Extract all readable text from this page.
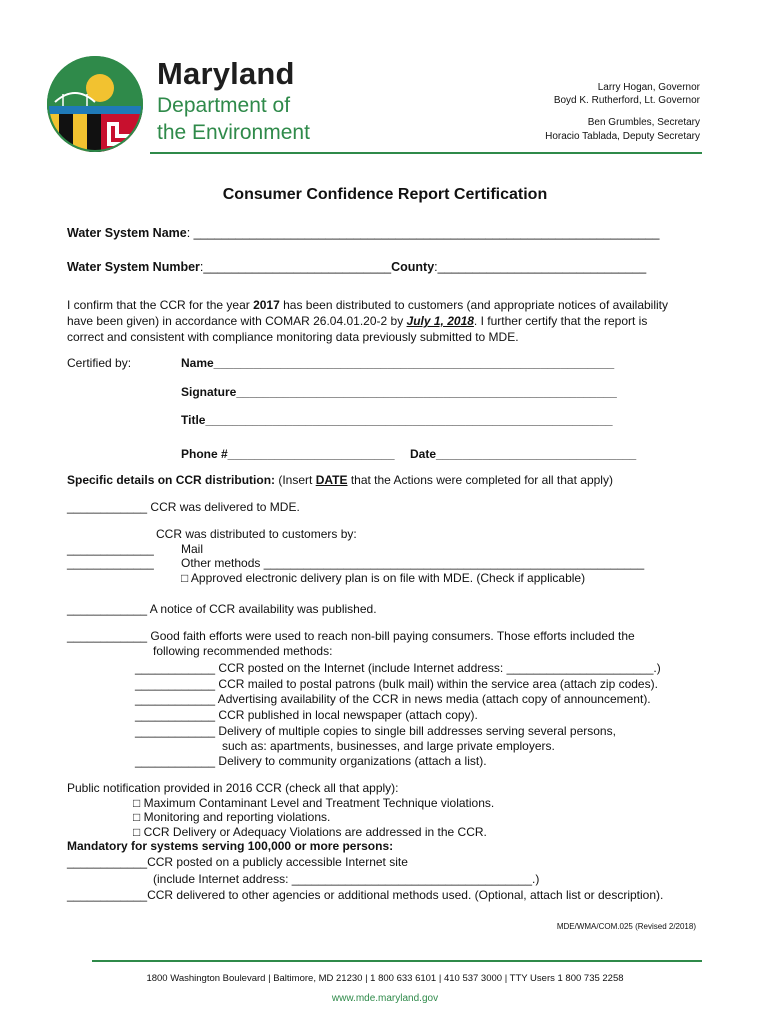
Maryland
Department of
the Environment
Larry Hogan, Governor
Boyd K. Rutherford, Lt. Governor
Ben Grumbles, Secretary
Horacio Tablada, Deputy Secretary
Consumer Confidence Report Certification
Water System Name: ___________________________________________________________________
Water System Number:___________________________County:______________________________
I confirm that the CCR for the year 2017 has been distributed to customers (and appropriate notices of availability
have been given) in accordance with COMAR 26.04.01.20-2 by July 1, 2018. I further certify that the report is
correct and consistent with compliance monitoring data previously submitted to MDE.
Certified by:	Name____________________________________________________________
Signature_________________________________________________________
Title_____________________________________________________________
Phone #_________________________ Date______________________________
Specific details on CCR distribution: (Insert DATE that the Actions were completed for all that apply)
____________ CCR was delivered to MDE.
CCR was distributed to customers by:
_____________ Mail
_____________ Other methods _________________________________________________________
□ Approved electronic delivery plan is on file with MDE. (Check if applicable)
____________ A notice of CCR availability was published.
____________ Good faith efforts were used to reach non-bill paying consumers. Those efforts included the
following recommended methods:
____________ CCR posted on the Internet (include Internet address: ______________________.)
____________ CCR mailed to postal patrons (bulk mail) within the service area (attach zip codes).
____________ Advertising availability of the CCR in news media (attach copy of announcement).
____________ CCR published in local newspaper (attach copy).
____________ Delivery of multiple copies to single bill addresses serving several persons,
such as: apartments, businesses, and large private employers.
____________ Delivery to community organizations (attach a list).
Public notification provided in 2016 CCR (check all that apply):
□ Maximum Contaminant Level and Treatment Technique violations.
□ Monitoring and reporting violations.
□ CCR Delivery or Adequacy Violations are addressed in the CCR.
Mandatory for systems serving 100,000 or more persons:
____________CCR posted on a publicly accessible Internet site
(include Internet address: ____________________________________.)
____________CCR delivered to other agencies or additional methods used. (Optional, attach list or description).
MDE/WMA/COM.025 (Revised 2/2018)
1800 Washington Boulevard | Baltimore, MD 21230 | 1 800 633 6101 | 410 537 3000 | TTY Users 1 800 735 2258
www.mde.maryland.gov
